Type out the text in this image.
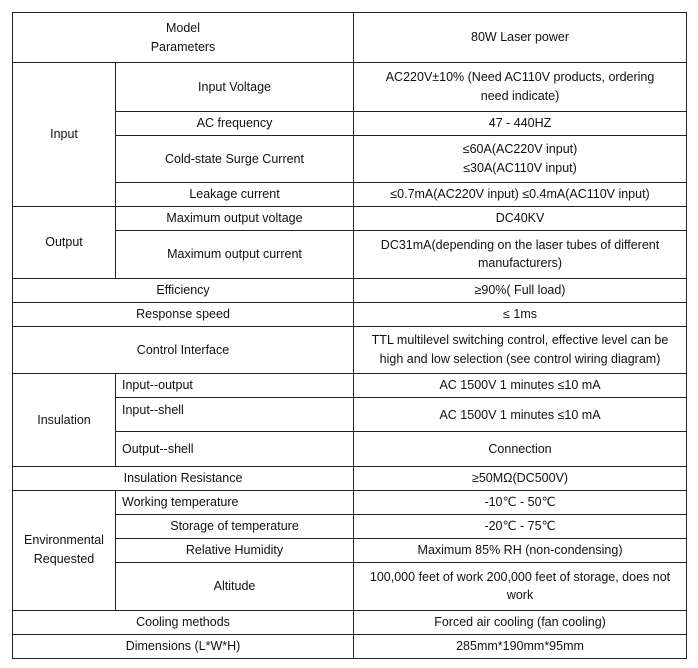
Model
Parameters		80W Laser power
Input	Input Voltage	AC220V±10% (Need AC110V products, ordering
need indicate)

	AC frequency	47 - 440HZ
	Cold-state Surge Current	≤60A(AC220V input)
≤30A(AC110V input)

	Leakage current	≤0.7mA(AC220V input) ≤0.4mA(AC110V input)
Output	Maximum output voltage	DC40KV
	Maximum output current	DC31mA(depending on the laser tubes of different
manufacturers)

Efficiency		≥90%( Full load)
Response speed		≤ 1ms
Control Interface		TTL multilevel switching control, effective level can be
high and low selection (see control wiring diagram)

Insulation	Input--output	AC 1500V 1 minutes ≤10 mA
	Input--shell	AC 1500V 1 minutes ≤10 mA
	Output--shell	Connection
Insulation Resistance		≥50MΩ(DC500V)

Environmental
Requested	Working temperature	-10℃ - 50℃
	Storage of temperature	-20℃ - 75℃
	Relative Humidity	Maximum 85% RH (non-condensing)
	Altitude	100,000 feet of work 200,000 feet of storage, does not
work

Cooling methods		Forced air cooling (fan cooling)
Dimensions (L*W*H)		285mm*190mm*95mm
